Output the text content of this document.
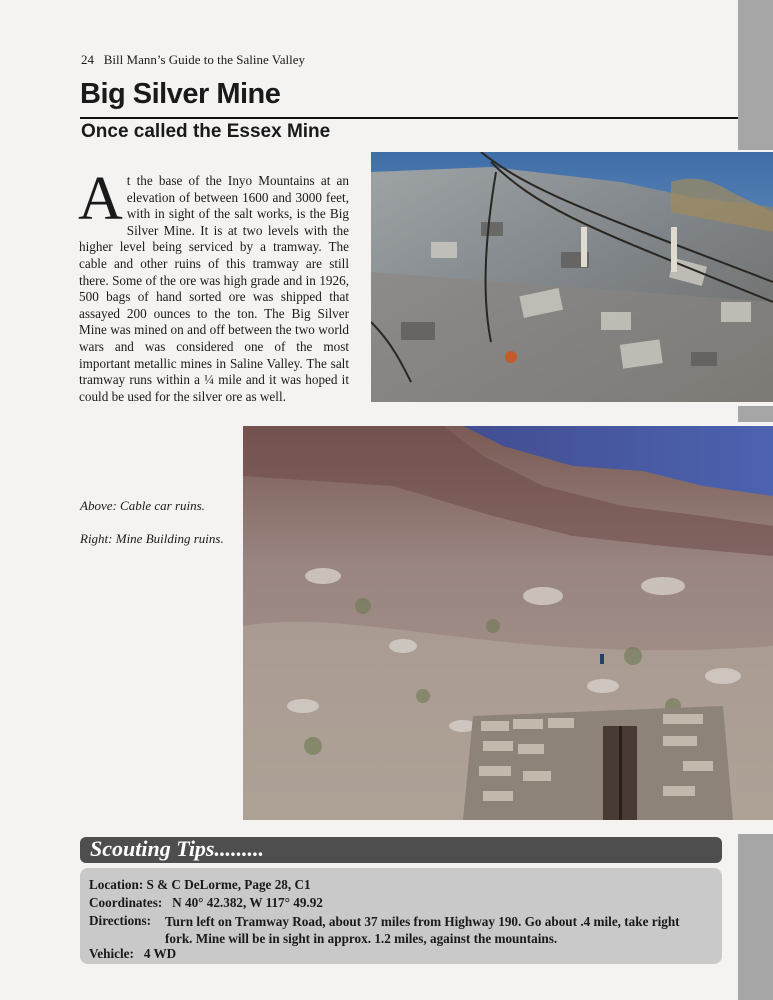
24 Bill Mann’s Guide to the Saline Valley
Big Silver Mine
Once called the Essex Mine

At the base of the Inyo Mountains at an elevation of between 1600 and 3000 feet, with in sight of the salt works, is the Big Silver Mine. It is at two levels with the higher level being serviced by a tramway. The cable and other ruins of this tramway are still there. Some of the ore was high grade and in 1926, 500 bags of hand sorted ore was shipped that assayed 200 ounces to the ton. The Big Silver Mine was mined on and off between the two world wars and was considered one of the most important metallic mines in Saline Valley. The salt tramway runs within a ¼ mile and it was hoped it could be used for the silver ore as well.

Above: Cable car ruins.

Right: Mine Building ruins.

Scouting Tips.........
Location: S & C DeLorme, Page 28, C1
Coordinates: N 40° 42.382, W 117° 49.92
Directions: Turn left on Tramway Road, about 37 miles from Highway 190. Go about .4 mile, take right fork. Mine will be in sight in approx. 1.2 miles, against the mountains.
Vehicle: 4 WD
